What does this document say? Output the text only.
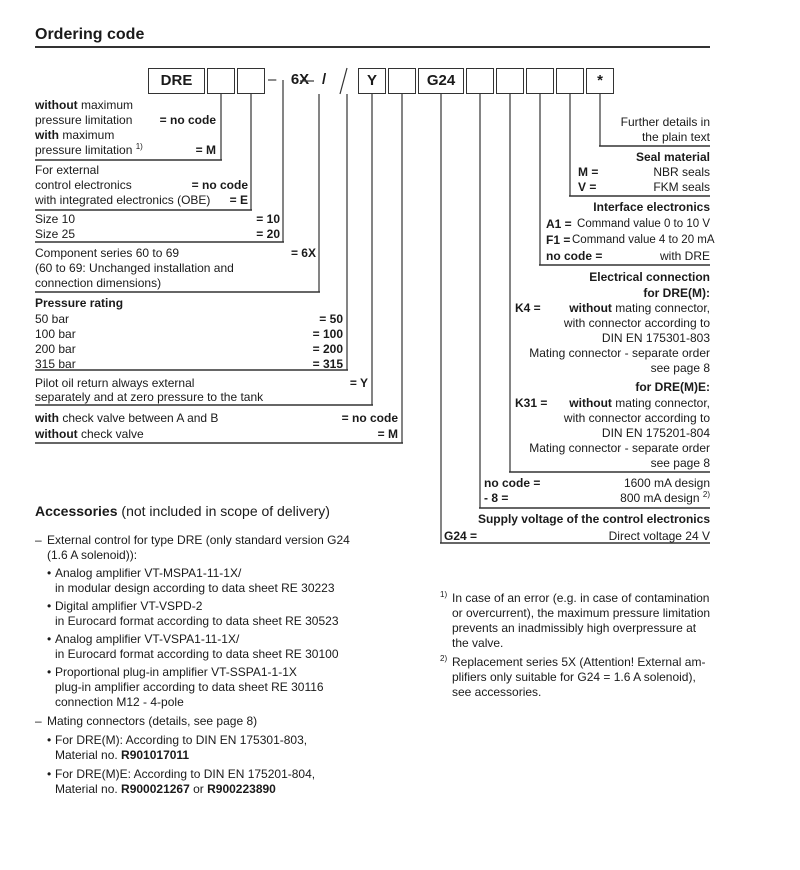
Ordering code
DRE	– 6X /	Y	G24	*
without maximum
pressure limitation	= no code
with maximum
pressure limitation $^{1)}$	= M
For external
control electronics	= no code
with integrated electronics (OBE)	= E
Size 10	= 10
Size 25	= 20
Component series 60 to 69	= 6X
(60 to 69: Unchanged installation and
connection dimensions)
Pressure rating
50 bar	= 50
100 bar	= 100
200 bar	= 200
315 bar	= 315
Pilot oil return always external	= Y
separately and at zero pressure to the tank
with check valve between A and B	= no code
without check valve	= M
Further details in
the plain text
Seal material
M =	NBR seals
V =	FKM seals
Interface electronics
A1 = Command value 0 to 10 V
F1 = Command value 4 to 20 mA
no code =	with DRE
Electrical connection
for DRE(M):
K4 =	without mating connector,
with connector according to
DIN EN 175301-803
Mating connector - separate order
see page 8
for DRE(M)E:
K31 =	without mating connector,
with connector according to
DIN EN 175201-804
Mating connector - separate order
see page 8
no code =	1600 mA design
- 8 =	800 mA design $^{2)}$
Supply voltage of the control electronics
G24 =	Direct voltage 24 V
Accessories (not included in scope of delivery)
– External control for type DRE (only standard version G24
(1.6 A solenoid)):
• Analog amplifier VT-MSPA1-11-1X/
in modular design according to data sheet RE 30223
• Digital amplifier VT-VSPD-2
in Eurocard format according to data sheet RE 30523
• Analog amplifier VT-VSPA1-11-1X/
in Eurocard format according to data sheet RE 30100
• Proportional plug-in amplifier VT-SSPA1-1-1X
plug-in amplifier according to data sheet RE 30116
connection M12 - 4-pole
– Mating connectors (details, see page 8)
• For DRE(M): According to DIN EN 175301-803,
Material no. R901017011
• For DRE(M)E: According to DIN EN 175201-804,
Material no. R900021267 or R900223890
1) In case of an error (e.g. in case of contamination
or overcurrent), the maximum pressure limitation
prevents an inadmissibly high overpressure at
the valve.
2) Replacement series 5X (Attention! External am-
plifiers only suitable for G24 = 1.6 A solenoid),
see accessories.
